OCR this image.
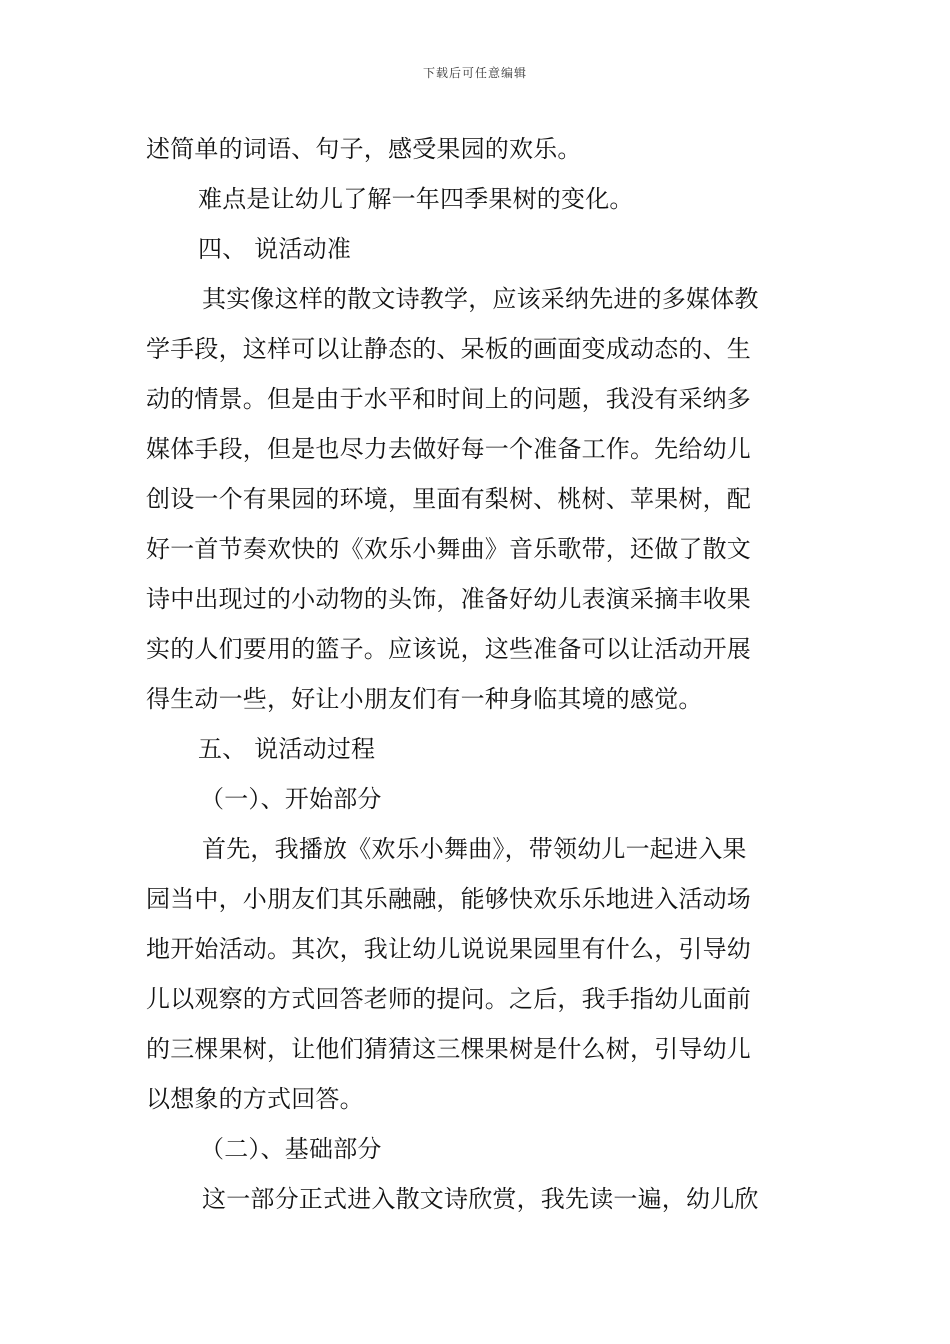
下载后可任意编辑
述简单的词语、句子，感受果园的欢乐。
难点是让幼儿了解一年四季果树的变化。
四、 说活动准
其实像这样的散文诗教学，应该采纳先进的多媒体教
学手段，这样可以让静态的、呆板的画面变成动态的、生
动的情景。但是由于水平和时间上的问题，我没有采纳多
媒体手段，但是也尽力去做好每一个准备工作。先给幼儿
创设一个有果园的环境，里面有梨树、桃树、苹果树，配
好一首节奏欢快的《欢乐小舞曲》音乐歌带，还做了散文
诗中出现过的小动物的头饰，准备好幼儿表演采摘丰收果
实的人们要用的篮子。应该说，这些准备可以让活动开展
得生动一些，好让小朋友们有一种身临其境的感觉。
五、 说活动过程
（一）、开始部分
首先，我播放《欢乐小舞曲》，带领幼儿一起进入果
园当中，小朋友们其乐融融，能够快欢乐乐地进入活动场
地开始活动。其次，我让幼儿说说果园里有什么，引导幼
儿以观察的方式回答老师的提问。之后，我手指幼儿面前
的三棵果树，让他们猜猜这三棵果树是什么树，引导幼儿
以想象的方式回答。
（二）、基础部分
这一部分正式进入散文诗欣赏，我先读一遍，幼儿欣
